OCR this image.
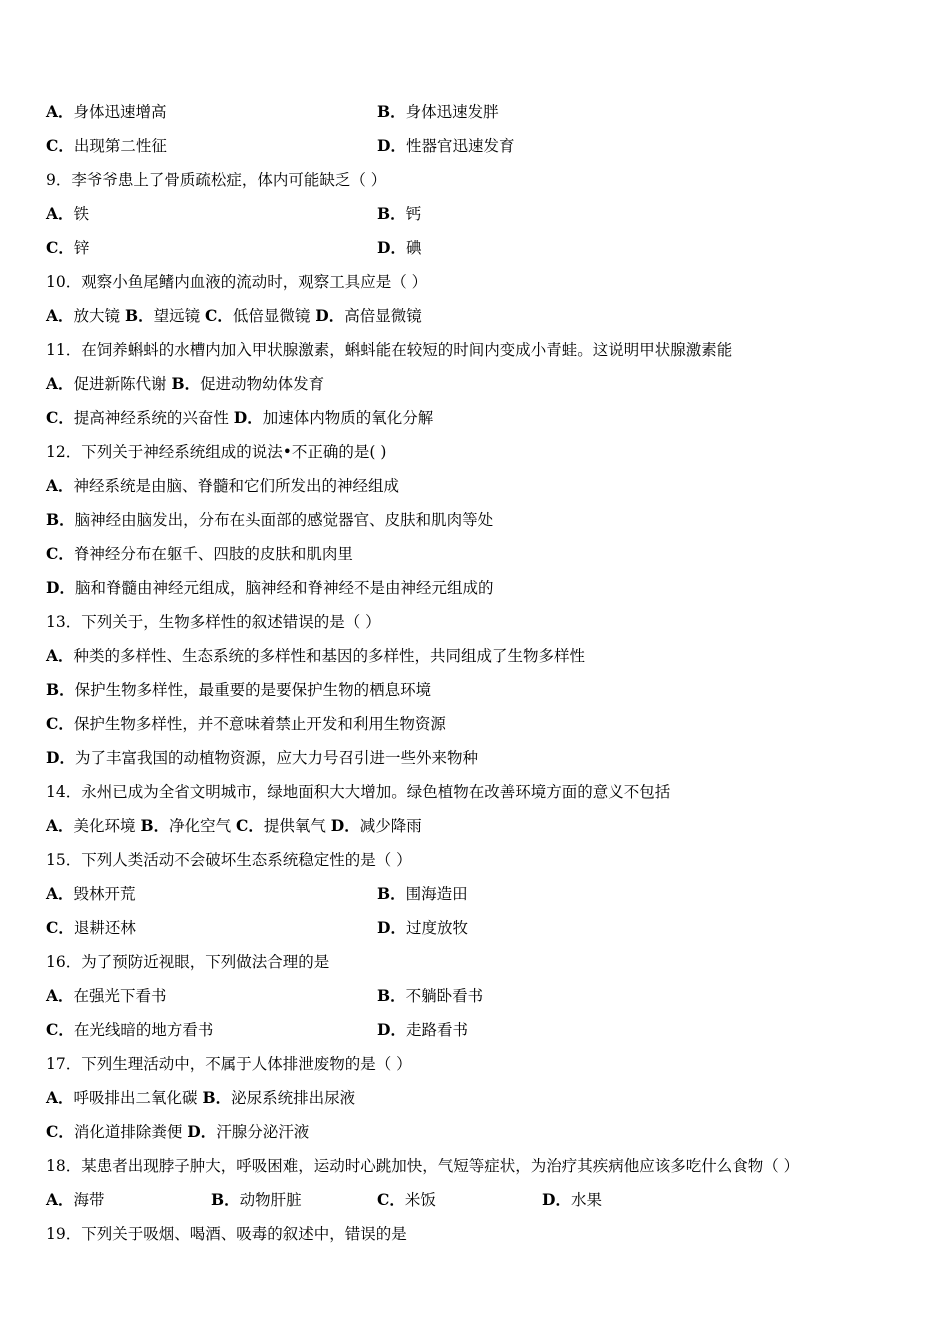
A．身体迅速增高	B．身体迅速发胖
C．出现第二性征	D．性器官迅速发育
9．李爷爷患上了骨质疏松症，体内可能缺乏（ ）
A．铁	B．钙
C．锌	D．碘
10．观察小鱼尾鳍内血液的流动时，观察工具应是（ ）
A．放大镜 B．望远镜 C．低倍显微镜 D．高倍显微镜
11．在饲养蝌蚪的水槽内加入甲状腺激素，蝌蚪能在较短的时间内变成小青蛙。这说明甲状腺激素能
A．促进新陈代谢 B．促进动物幼体发育
C．提高神经系统的兴奋性 D．加速体内物质的氧化分解
12．下列关于神经系统组成的说法•不正确的是( )
A．神经系统是由脑、脊髓和它们所发出的神经组成
B．脑神经由脑发出，分布在头面部的感觉器官、皮肤和肌肉等处
C．脊神经分布在躯千、四肢的皮肤和肌肉里
D．脑和脊髓由神经元组成，脑神经和脊神经不是由神经元组成的
13．下列关于，生物多样性的叙述错误的是（ ）
A．种类的多样性、生态系统的多样性和基因的多样性，共同组成了生物多样性
B．保护生物多样性，最重要的是要保护生物的栖息环境
C．保护生物多样性，并不意味着禁止开发和利用生物资源
D．为了丰富我国的动植物资源，应大力号召引进一些外来物种
14．永州已成为全省文明城市，绿地面积大大增加。绿色植物在改善环境方面的意义不包括
A．美化环境 B．净化空气 C．提供氧气 D．减少降雨
15．下列人类活动不会破坏生态系统稳定性的是（ ）
A．毁林开荒	B．围海造田
C．退耕还林	D．过度放牧
16．为了预防近视眼，下列做法合理的是
A．在强光下看书	B．不躺卧看书
C．在光线暗的地方看书	D．走路看书
17．下列生理活动中，不属于人体排泄废物的是（ ）
A．呼吸排出二氧化碳 B．泌尿系统排出尿液
C．消化道排除粪便 D．汗腺分泌汗液
18．某患者出现脖子肿大，呼吸困难，运动时心跳加快，气短等症状，为治疗其疾病他应该多吃什么食物（ ）
A．海带	B．动物肝脏	C．米饭	D．水果
19．下列关于吸烟、喝酒、吸毒的叙述中，错误的是
